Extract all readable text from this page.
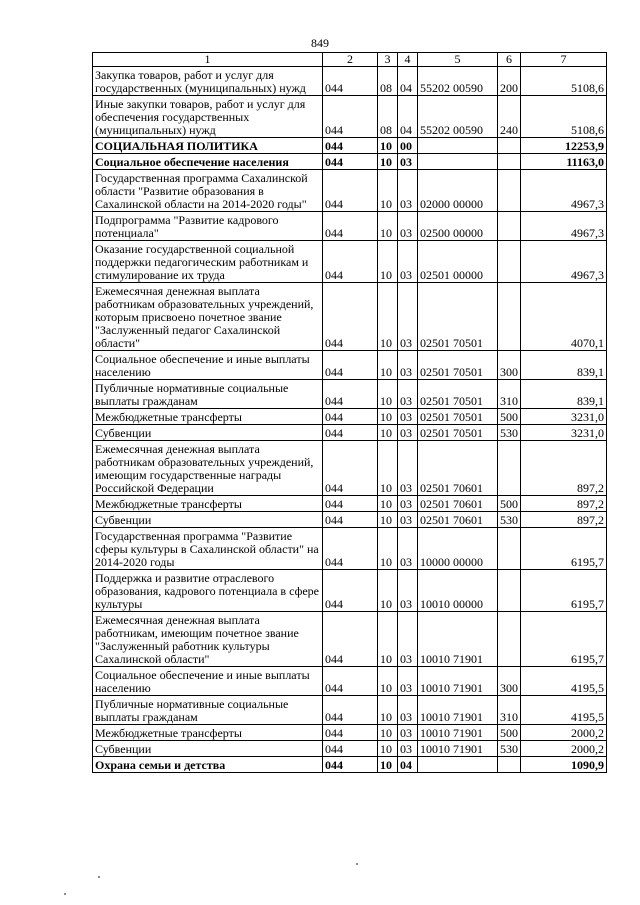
849
1	2	3	4	5	6	7
Закупка товаров, работ и услуг для государственных (муниципальных) нужд	044	08	04	55202 00590	200	5108,6
Иные закупки товаров, работ и услуг для обеспечения государственных (муниципальных) нужд	044	08	04	55202 00590	240	5108,6
СОЦИАЛЬНАЯ ПОЛИТИКА	044	10	00			12253,9
Социальное обеспечение населения	044	10	03			11163,0
Государственная программа Сахалинской области "Развитие образования в Сахалинской области на 2014-2020 годы"	044	10	03	02000 00000		4967,3
Подпрограмма "Развитие кадрового потенциала"	044	10	03	02500 00000		4967,3
Оказание государственной социальной поддержки педагогическим работникам и стимулирование их труда	044	10	03	02501 00000		4967,3
Ежемесячная денежная выплата работникам образовательных учреждений, которым присвоено почетное звание "Заслуженный педагог Сахалинской области"	044	10	03	02501 70501		4070,1
Социальное обеспечение и иные выплаты населению	044	10	03	02501 70501	300	839,1
Публичные нормативные социальные выплаты гражданам	044	10	03	02501 70501	310	839,1
Межбюджетные трансферты	044	10	03	02501 70501	500	3231,0
Субвенции	044	10	03	02501 70501	530	3231,0
Ежемесячная денежная выплата работникам образовательных учреждений, имеющим государственные награды Российской Федерации	044	10	03	02501 70601		897,2
Межбюджетные трансферты	044	10	03	02501 70601	500	897,2
Субвенции	044	10	03	02501 70601	530	897,2
Государственная программа "Развитие сферы культуры в Сахалинской области" на 2014-2020 годы	044	10	03	10000 00000		6195,7
Поддержка и развитие отраслевого образования, кадрового потенциала в сфере культуры	044	10	03	10010 00000		6195,7
Ежемесячная денежная выплата работникам, имеющим почетное звание "Заслуженный работник культуры Сахалинской области"	044	10	03	10010 71901		6195,7
Социальное обеспечение и иные выплаты населению	044	10	03	10010 71901	300	4195,5
Публичные нормативные социальные выплаты гражданам	044	10	03	10010 71901	310	4195,5
Межбюджетные трансферты	044	10	03	10010 71901	500	2000,2
Субвенции	044	10	03	10010 71901	530	2000,2
Охрана семьи и детства	044	10	04			1090,9
